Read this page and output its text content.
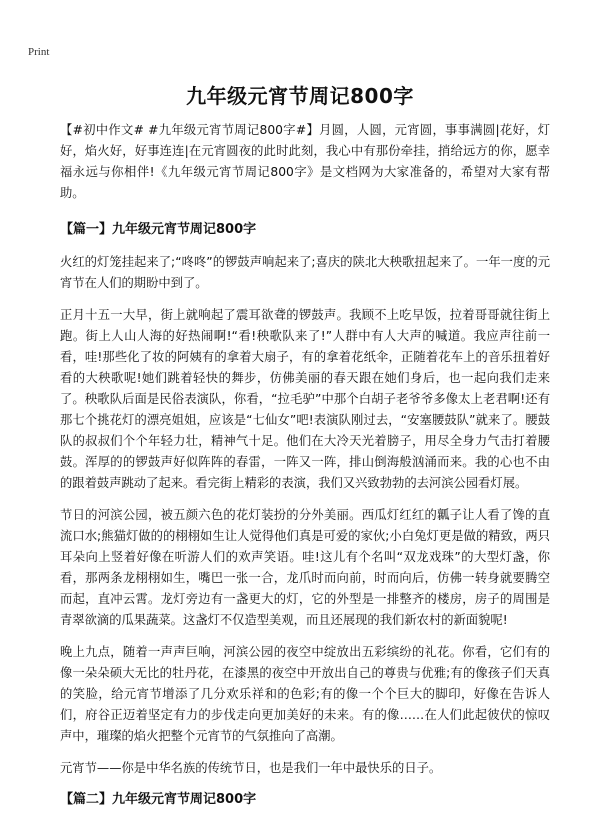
Print
九年级元宵节周记800字

【#初中作文# #九年级元宵节周记800字#】月圆，人圆，元宵圆，事事满圆|花好，灯好，焰火好，好事连连|在元宵圆夜的此时此刻，我心中有那份牵挂，捎给远方的你，愿幸福永远与你相伴!《九年级元宵节周记800字》是文档网为大家准备的，希望对大家有帮助。

【篇一】九年级元宵节周记800字

火红的灯笼挂起来了;“咚咚”的锣鼓声响起来了;喜庆的陕北大秧歌扭起来了。一年一度的元宵节在人们的期盼中到了。

正月十五一大早，街上就响起了震耳欲聋的锣鼓声。我顾不上吃早饭，拉着哥哥就往街上跑。街上人山人海的好热闹啊!“看!秧歌队来了!”人群中有人大声的喊道。我应声往前一看，哇!那些化了妆的阿姨有的拿着大扇子，有的拿着花纸伞，正随着花车上的音乐扭着好看的大秧歌呢!她们跳着轻快的舞步，仿佛美丽的春天跟在她们身后，也一起向我们走来了。秧歌队后面是民俗表演队，你看，“拉毛驴”中那个白胡子老爷爷多像太上老君啊!还有那七个挑花灯的漂亮姐姐，应该是“七仙女”吧!表演队刚过去，“安塞腰鼓队”就来了。腰鼓队的叔叔们个个年轻力壮，精神气十足。他们在大冷天光着膀子，用尽全身力气击打着腰鼓。浑厚的的锣鼓声好似阵阵的春雷，一阵又一阵，排山倒海般汹涌而来。我的心也不由的跟着鼓声跳动了起来。看完街上精彩的表演，我们又兴致勃勃的去河滨公园看灯展。

节日的河滨公园，被五颜六色的花灯装扮的分外美丽。西瓜灯红红的瓤子让人看了馋的直流口水;熊猫灯做的的栩栩如生让人觉得他们真是可爱的家伙;小白兔灯更是做的精致，两只耳朵向上竖着好像在听游人们的欢声笑语。哇!这儿有个名叫“双龙戏珠”的大型灯盏，你看，那两条龙栩栩如生，嘴巴一张一合，龙爪时而向前，时而向后，仿佛一转身就要腾空而起，直冲云霄。龙灯旁边有一盏更大的灯，它的外型是一排整齐的楼房，房子的周围是青翠欲滴的瓜果蔬菜。这盏灯不仅造型美观，而且还展现的我们新农村的新面貌呢!

晚上九点，随着一声声巨响，河滨公园的夜空中绽放出五彩缤纷的礼花。你看，它们有的像一朵朵硕大无比的牡丹花，在漆黑的夜空中开放出自己的尊贵与优雅;有的像孩子们天真的笑脸，给元宵节增添了几分欢乐祥和的色彩;有的像一个个巨大的脚印，好像在告诉人们，府谷正迈着坚定有力的步伐走向更加美好的未来。有的像……在人们此起彼伏的惊叹声中，璀璨的焰火把整个元宵节的气氛推向了高潮。

元宵节——你是中华名族的传统节日，也是我们一年中最快乐的日子。

【篇二】九年级元宵节周记800字
